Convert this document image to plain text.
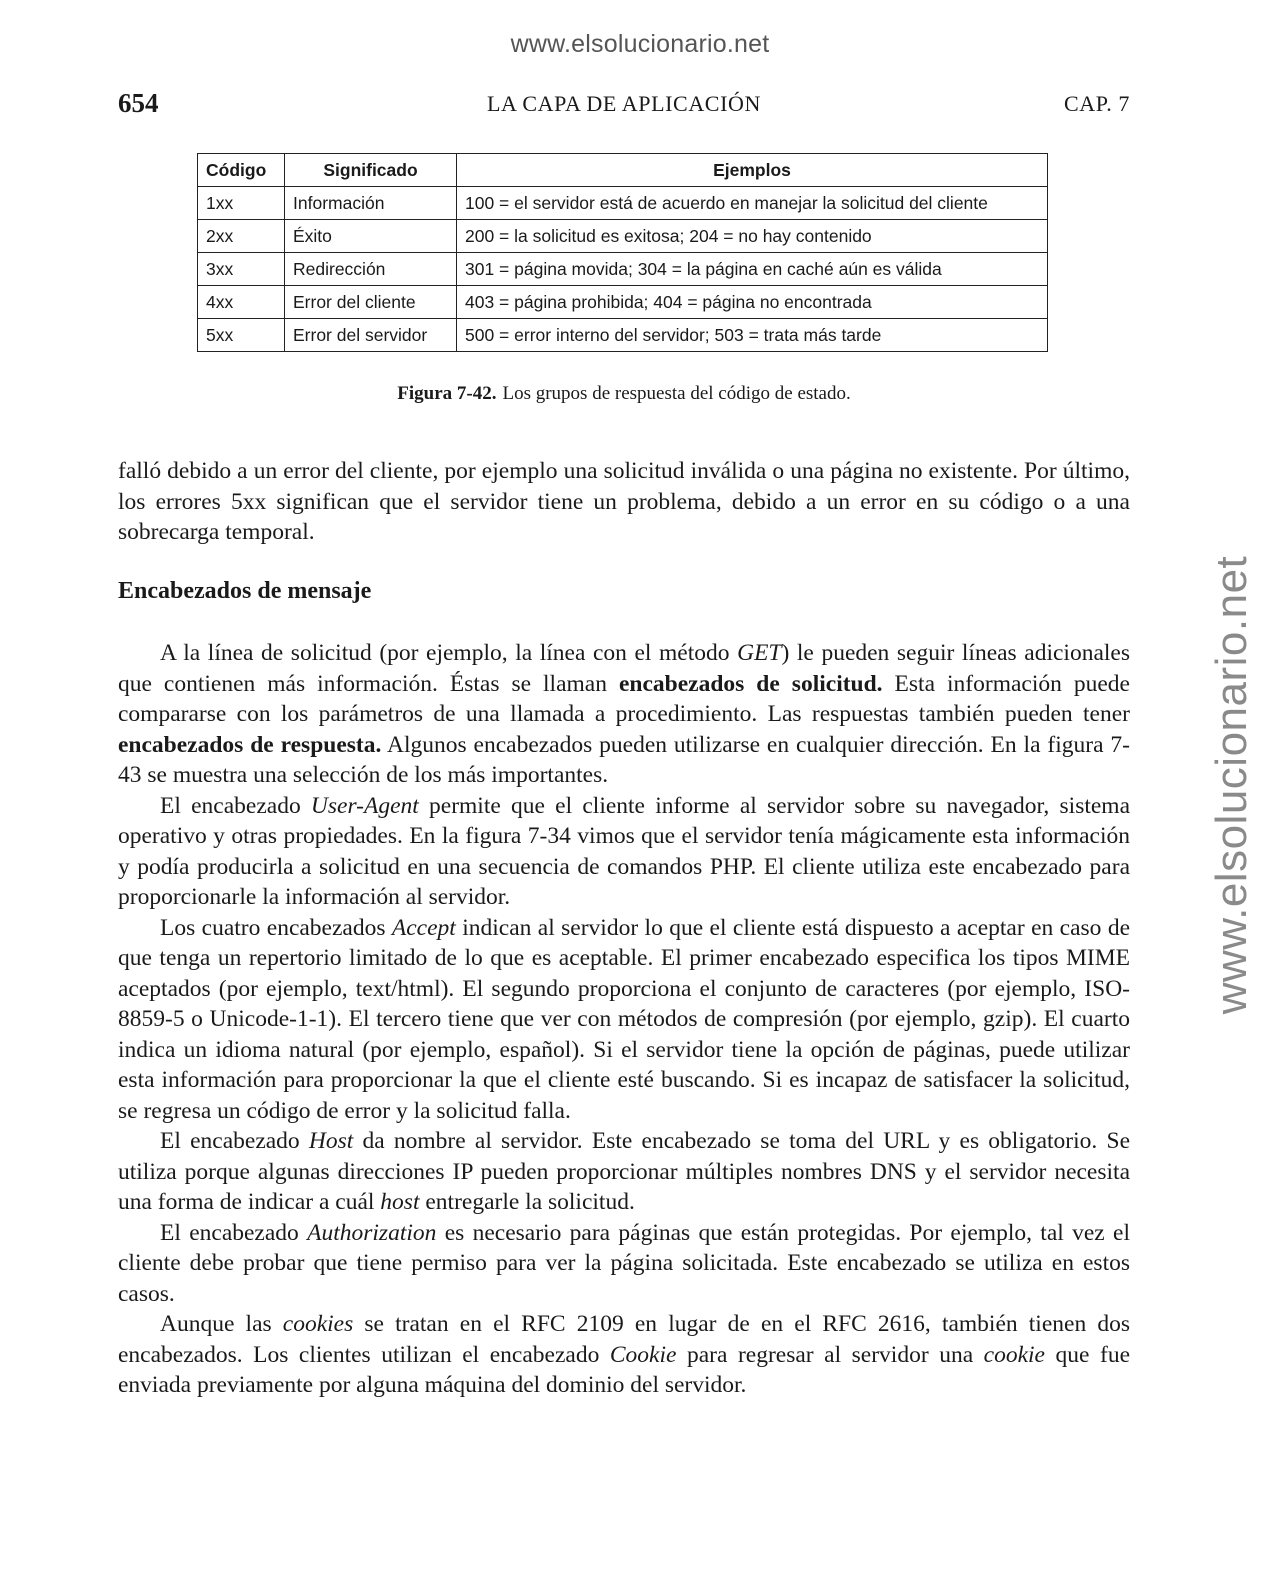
www.elsolucionario.net
www.elsolucionario.net
654	LA CAPA DE APLICACIÓN	CAP. 7
Código	Significado	Ejemplos
1xx	Información	100 = el servidor está de acuerdo en manejar la solicitud del cliente
2xx	Éxito	200 = la solicitud es exitosa; 204 = no hay contenido
3xx	Redirección	301 = página movida; 304 = la página en caché aún es válida
4xx	Error del cliente	403 = página prohibida; 404 = página no encontrada
5xx	Error del servidor	500 = error interno del servidor; 503 = trata más tarde
Figura 7-42. Los grupos de respuesta del código de estado.

falló debido a un error del cliente, por ejemplo una solicitud inválida o una página no existente. Por último, los errores 5xx significan que el servidor tiene un problema, debido a un error en su código o a una sobrecarga temporal.

Encabezados de mensaje

A la línea de solicitud (por ejemplo, la línea con el método GET) le pueden seguir líneas adicionales que contienen más información. Éstas se llaman encabezados de solicitud. Esta información puede compararse con los parámetros de una llamada a procedimiento. Las respuestas también pueden tener encabezados de respuesta. Algunos encabezados pueden utilizarse en cualquier dirección. En la figura 7-43 se muestra una selección de los más importantes.

El encabezado User-Agent permite que el cliente informe al servidor sobre su navegador, sistema operativo y otras propiedades. En la figura 7-34 vimos que el servidor tenía mágicamente esta información y podía producirla a solicitud en una secuencia de comandos PHP. El cliente utiliza este encabezado para proporcionarle la información al servidor.

Los cuatro encabezados Accept indican al servidor lo que el cliente está dispuesto a aceptar en caso de que tenga un repertorio limitado de lo que es aceptable. El primer encabezado especifica los tipos MIME aceptados (por ejemplo, text/html). El segundo proporciona el conjunto de caracteres (por ejemplo, ISO-8859-5 o Unicode-1-1). El tercero tiene que ver con métodos de compresión (por ejemplo, gzip). El cuarto indica un idioma natural (por ejemplo, español). Si el servidor tiene la opción de páginas, puede utilizar esta información para proporcionar la que el cliente esté buscando. Si es incapaz de satisfacer la solicitud, se regresa un código de error y la solicitud falla.

El encabezado Host da nombre al servidor. Este encabezado se toma del URL y es obligatorio. Se utiliza porque algunas direcciones IP pueden proporcionar múltiples nombres DNS y el servidor necesita una forma de indicar a cuál host entregarle la solicitud.

El encabezado Authorization es necesario para páginas que están protegidas. Por ejemplo, tal vez el cliente debe probar que tiene permiso para ver la página solicitada. Este encabezado se utiliza en estos casos.

Aunque las cookies se tratan en el RFC 2109 en lugar de en el RFC 2616, también tienen dos encabezados. Los clientes utilizan el encabezado Cookie para regresar al servidor una cookie que fue enviada previamente por alguna máquina del dominio del servidor.
